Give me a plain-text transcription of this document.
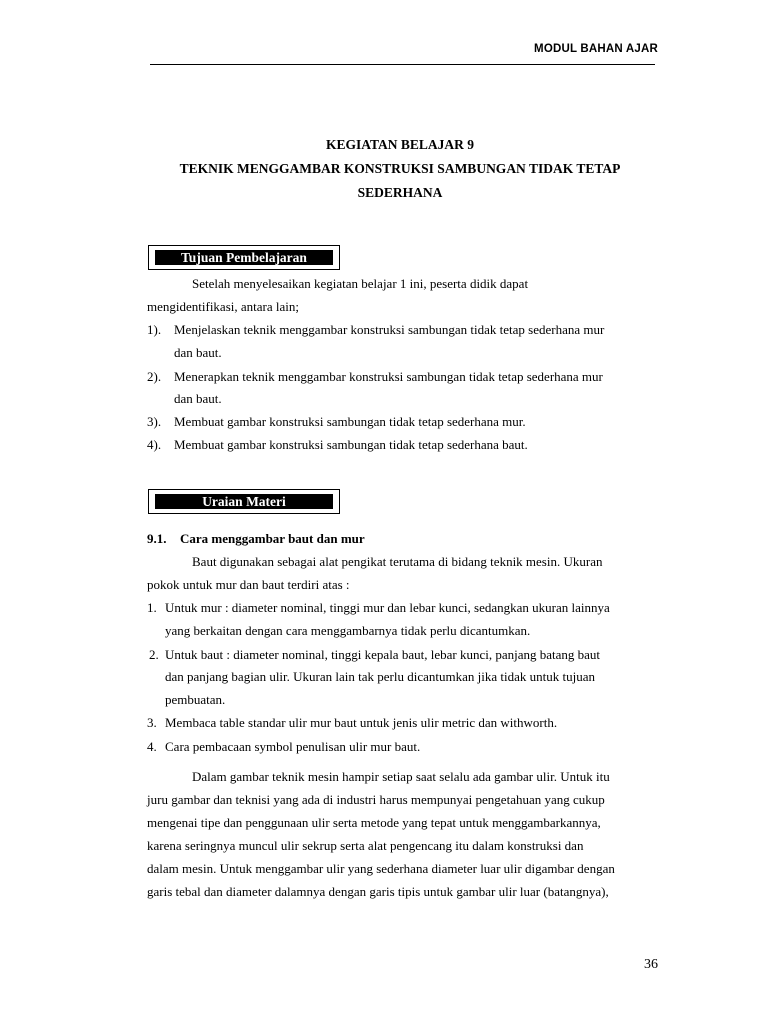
MODUL BAHAN AJAR
KEGIATAN BELAJAR 9
TEKNIK MENGGAMBAR KONSTRUKSI SAMBUNGAN TIDAK TETAP
SEDERHANA
Tujuan Pembelajaran
Setelah menyelesaikan kegiatan belajar 1 ini, peserta didik dapat
mengidentifikasi, antara lain;
1). Menjelaskan teknik menggambar konstruksi sambungan tidak tetap sederhana mur
dan baut.
2). Menerapkan teknik menggambar konstruksi sambungan tidak tetap sederhana mur
dan baut.
3). Membuat gambar konstruksi sambungan tidak tetap sederhana mur.
4). Membuat gambar konstruksi sambungan tidak tetap sederhana baut.
Uraian Materi
9.1. Cara menggambar baut dan mur
Baut digunakan sebagai alat pengikat terutama di bidang teknik mesin. Ukuran
pokok untuk mur dan baut terdiri atas :
1. Untuk mur : diameter nominal, tinggi mur dan lebar kunci, sedangkan ukuran lainnya
yang berkaitan dengan cara menggambarnya tidak perlu dicantumkan.
2. Untuk baut : diameter nominal, tinggi kepala baut, lebar kunci, panjang batang baut
dan panjang bagian ulir. Ukuran lain tak perlu dicantumkan jika tidak untuk tujuan
pembuatan.
3. Membaca table standar ulir mur baut untuk jenis ulir metric dan withworth.
4. Cara pembacaan symbol penulisan ulir mur baut.
Dalam gambar teknik mesin hampir setiap saat selalu ada gambar ulir. Untuk itu
juru gambar dan teknisi yang ada di industri harus mempunyai pengetahuan yang cukup
mengenai tipe dan penggunaan ulir serta metode yang tepat untuk menggambarkannya,
karena seringnya muncul ulir sekrup serta alat pengencang itu dalam konstruksi dan
dalam mesin. Untuk menggambar ulir yang sederhana diameter luar ulir digambar dengan
garis tebal dan diameter dalamnya dengan garis tipis untuk gambar ulir luar (batangnya),
36
